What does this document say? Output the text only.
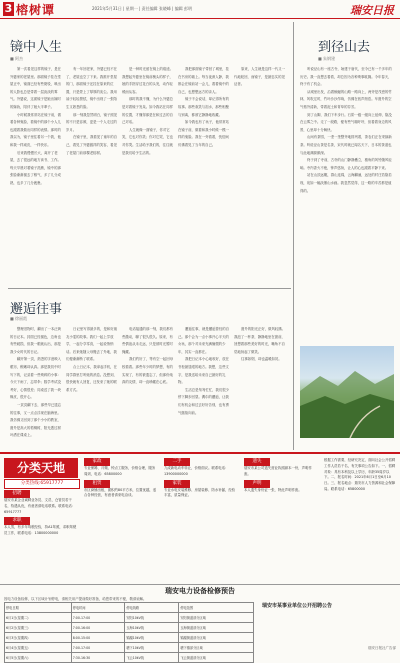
3 榕树谭	2021年5月31日 | 星期一 | 责任编辑 张晓峰 | 编辑 彭明	瑞安日报
镜中人生
■ 阿杰

第一次看见这样的镜子，是在外婆家的老屋里。那面镜子挂在堂屋正中，镜面已经有些斑驳，映出的人影也总是带着一层淡淡的雾气。外婆说，这面镜子是她出嫁时的嫁妆，陪伴了她大半辈子。

小时候我常常站在镜子前，做着各种鬼脸，看镜中的那个小人儿也跟着我做出同样的表情。那时的我以为，镜子里住着另一个我，他和我一样顽皮，一样快乐。

后来我慢慢长大，离开了老屋，去了很远的地方读书、工作。每天早晨对着镜子洗漱，镜中的那张脸渐渐褪去了稚气，多了几分成熟，也多了几分疲惫。

有一年回老家，外婆已经不在了，老屋也空了下来。我推开堂屋的门，那面镜子还挂在原来的位置，只是蒙上了厚厚的灰尘。我用袖子轻轻擦拭，镜中出现了一张陌生又熟悉的脸。

那一刻我忽然明白，镜子照见的不只是容颜，更是一个人走过的岁月。

在镜子里，我看见了童年的自己，看见了外婆慈祥的笑容，看见了老屋门前那棵老榕树。

是一种时光留在镜上的痕迹。我想起外婆坐在镜前梳头的样子，她的手指穿过花白的头发，动作轻缓而从容。

那时的我不懂，为什么外婆总是对着镜子发呆。如今我站在同样的位置，才懂得那是在和过去的自己对话。

人生就像一面镜子，你对它笑，它也对你笑；你对它哭，它也对你哭。生活给予我们的，往往就是我们给予生活的。

我把那面镜子带回了城里，挂在书房的墙上。每当夜深人静，我都会在镜前站一会儿，看看镜中的自己，也想想远方的亲人。

镜子不会说话，却记得所有的故事。那些欢笑与泪水，那些相聚与别离，都被它静静地收藏。

如今我也有了孩子，他常常站在镜子前，做着和我小时候一模一样的鬼脸。我在一旁看着，恍惚间仿佛看见了当年的自己。

原来，人生就是这样一代又一代地轮回，而镜子，是最忠实的见证者。

邂逅往事
■ 徐丽霞

整理旧物时，翻出了一本泛黄的日记本。封面已经褪色，边角也有些破损，但我一眼就认出，那是我少女时代的日记。

翻开第一页，熟悉的字迹映入眼帘，稚嫩却认真。那是我初中时写下的，记录着一些琐碎的小事：今天下雨了，忘带伞；数学考试没考好，心情很差；同桌送了我一块橡皮，很开心。

一页页翻下去，那些早已遗忘的往事，又一点点浮现在脑海里。我仿佛又回到了那个小小的教室，窗外是高大的梧桐树，阳光透过树叶洒在课桌上。

日记里写得最多的，是和好朋友小雯的故事。我们一起上学放学，一起分享零食，一起说悄悄话。后来她随父母搬去了外地，我们便渐渐断了联系。

合上日记本，我拿起手机，在同学群里打听她的消息。没想到，很快就有人回复，还发来了她的联系方式。

电话接通的那一刻，我们都有些激动，聊了很久很久。原来，有些情谊从未走远，只是被时光暂时掩藏。

我们约好了，等有空一起回母校看看。那些年少时的梦想，有的实现了，有的被遗忘了，但那份纯真的友情，却一直珍藏在心底。

邂逅往事，就是邂逅曾经的自己。那个会为一点小事开心半天的女孩，那个对未来充满憧憬的少年，其实一直都在。

我把日记本小心地收好，放在书柜最显眼的地方。我想，这些文字，是我送给未来自己最好的礼物。

生活总是匆匆忙忙，我们很少停下脚步回望。偶尔的邂逅，让我们有机会和过去好好告别，也有勇气继续向前。

窗外的阳光正好，微风轻拂。我泡了一杯茶，静静地坐在窗前，回想着那些美好的时光，嘴角不自觉地扬起了微笑。

往事如烟，却也温暖如初。

到径山去
■ 朱钢建

听说径山有一座古寺，始建于唐代，至今已有一千多年的历史。我一直想去看看，却总因为各种琐事耽搁。今年春天，终于有了机会。

从城里出发，沿着蜿蜒的山路一路向上，两旁是茂密的竹林，风吹过时，竹叶沙沙作响，仿佛在低声细语。车窗外的空气格外清新，带着泥土和青草的芬芳。

到了山脚，我们下车步行。石阶一级一级向上延伸，隐没在云雾之中。走了一段路，便有些气喘吁吁，但看着身边的风景，心里却十分畅快。

山间有茶园，一垄一垄整齐地排列着，茶农们正在采摘新茶。听说径山茶是名茶，宋代时就已闻名天下，日本的茶道也与此地渊源颇深。

终于到了寺前，古朴的山门静静矗立，檐角的风铃随风轻响。寺内香火不绝，钟声悠扬，让人的心也跟着平静下来。

站在山顶远眺，群山连绵，云海翻涌，远处的村庄若隐若现，宛如一幅淡墨山水画。我忽然觉得，这一路的辛苦都是值得的。

分类天地
分类热线:65917777
招聘
瑞安市某企业诚聘业务员、文员、仓管员若干名，待遇从优，有意者请电话联系。联系电话：65917777
求职
本人男，有多年驾驶经验，持A1驾照，求职驾驶员工作，联系电话：13800000000
家政
专业保姆、月嫂、钟点工服务，价格合理，服务周到，电话：65800000
租赁
市区商铺出租，面积约80平方米，位置优越，适合各种经营，有意者请来电洽谈。
二手
九成新电动车转让，价格面议。联系电话：13900000000
家装
专业水电安装维修、房屋装修、防水补漏，经验丰富，质量保证。
遗失
瑞安市某公司遗失营业执照副本一份，声明作废。
声明
本人遗失身份证一张，特此声明作废。
根据工作需要，经研究决定，面向社会公开招聘工作人员若干名，有关事项公告如下。一、招聘对象：具有本科及以上学历，年龄35周岁以下。二、报名时间：2021年6月1日至6月10日。三、报名地点：瑞安市人力资源和社会保障局。联系电话：65800000
瑞安电力设备检修预告
因电力设备检修，以下区域计划停电，请相关用户提前做好准备，给您带来的不便，敬请谅解。
停电日期	停电时间	停电线路	停电范围
6月1日(星期二)	7:00-17:00	安阳10kV线	安阳街道部分区域
6月2日(星期三)	7:00-16:00	玉海10kV线	玉海街道部分区域
6月3日(星期四)	8:00-15:00	锦湖10kV线	锦湖街道部分区域
6月4日(星期五)	7:00-17:00	塘下10kV线	塘下镇部分区域
6月5日(星期六)	7:30-16:30	飞云10kV线	飞云街道部分区域
瑞安市某事业单位公开招聘公告
瑞安日报社广告部
